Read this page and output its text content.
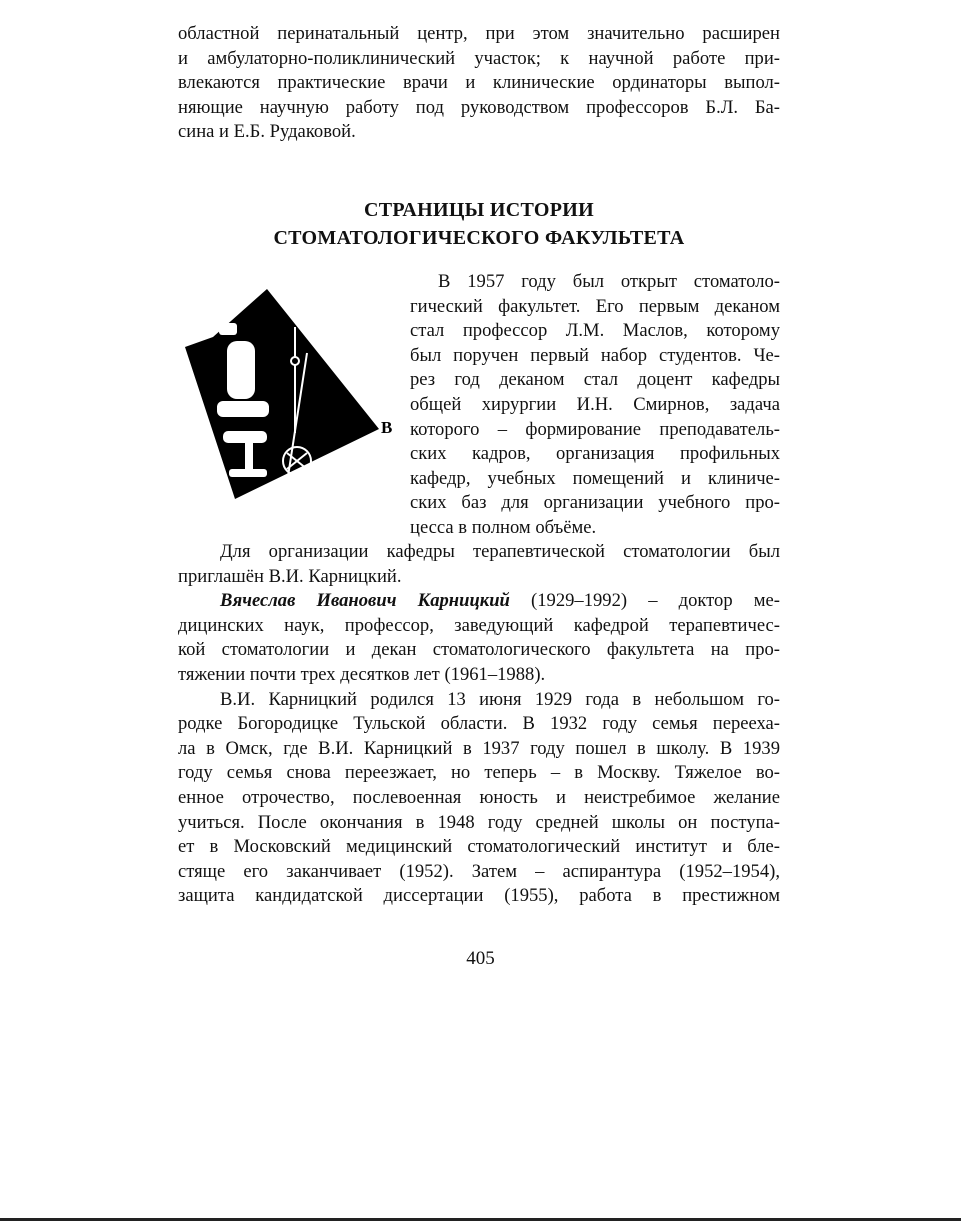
областной перинатальный центр, при этом значительно расширен
и амбулаторно-поликлинический участок; к научной работе при-
влекаются практические врачи и клинические ординаторы выпол-
няющие научную работу под руководством профессоров Б.Л. Ба-
сина и Е.Б. Рудаковой.
СТРАНИЦЫ ИСТОРИИ
СТОМАТОЛОГИЧЕСКОГО ФАКУЛЬТЕТА
В
В 1957 году был открыт стоматоло-
гический факультет. Его первым деканом
стал профессор Л.М. Маслов, которому
был поручен первый набор студентов. Че-
рез год деканом стал доцент кафедры
общей хирургии И.Н. Смирнов, задача
которого – формирование преподаватель-
ских кадров, организация профильных
кафедр, учебных помещений и клиниче-
ских баз для организации учебного про-
цесса в полном объёме.
Для организации кафедры терапевтической стоматологии был
приглашён В.И. Карницкий.
Вячеслав Иванович Карницкий (1929–1992) – доктор ме-
дицинских наук, профессор, заведующий кафедрой терапевтичес-
кой стоматологии и декан стоматологического факультета на про-
тяжении почти трех десятков лет (1961–1988).
В.И. Карницкий родился 13 июня 1929 года в небольшом го-
родке Богородицке Тульской области. В 1932 году семья перееха-
ла в Омск, где В.И. Карницкий в 1937 году пошел в школу. В 1939
году семья снова переезжает, но теперь – в Москву. Тяжелое во-
енное отрочество, послевоенная юность и неистребимое желание
учиться. После окончания в 1948 году средней школы он поступа-
ет в Московский медицинский стоматологический институт и бле-
стяще его заканчивает (1952). Затем – аспирантура (1952–1954),
защита кандидатской диссертации (1955), работа в престижном
405
